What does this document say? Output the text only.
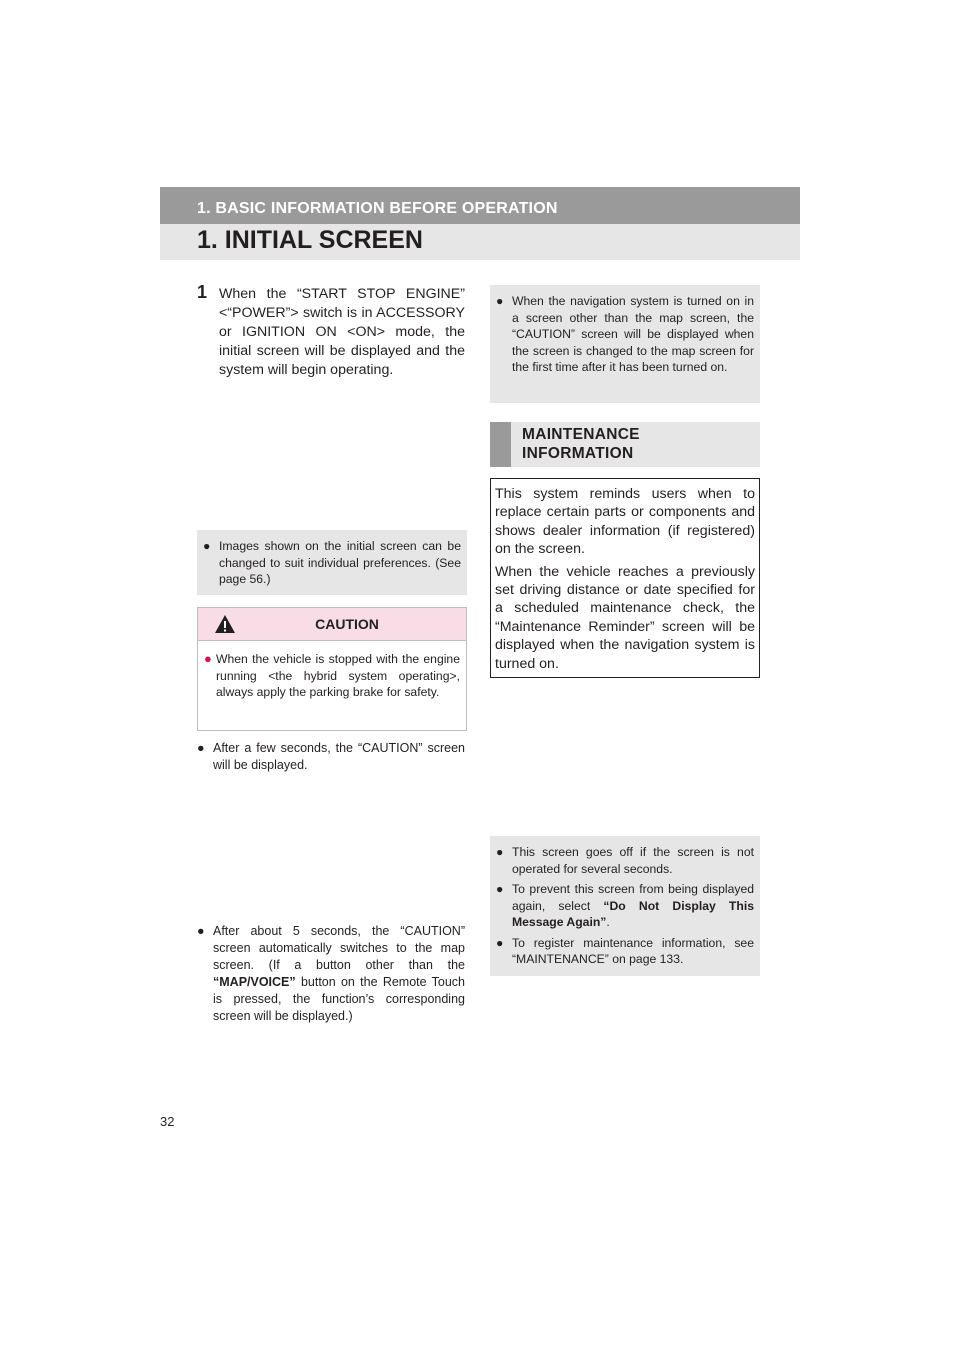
1. BASIC INFORMATION BEFORE OPERATION
1. INITIAL SCREEN
1 When the “START STOP ENGINE” <“POWER”> switch is in ACCESSORY or IGNITION ON <ON> mode, the initial screen will be displayed and the system will begin operating.
● Images shown on the initial screen can be changed to suit individual preferences. (See page 56.)
CAUTION
● When the vehicle is stopped with the engine running <the hybrid system operating>, always apply the parking brake for safety.
● After a few seconds, the “CAUTION” screen will be displayed.
● After about 5 seconds, the “CAUTION” screen automatically switches to the map screen. (If a button other than the “MAP/VOICE” button on the Remote Touch is pressed, the function’s corresponding screen will be displayed.)
● When the navigation system is turned on in a screen other than the map screen, the “CAUTION” screen will be displayed when the screen is changed to the map screen for the first time after it has been turned on.
MAINTENANCE
INFORMATION

This system reminds users when to replace certain parts or components and shows dealer information (if registered) on the screen.

When the vehicle reaches a previously set driving distance or date specified for a scheduled maintenance check, the “Maintenance Reminder” screen will be displayed when the navigation system is turned on.

● This screen goes off if the screen is not operated for several seconds.
● To prevent this screen from being displayed again, select “Do Not Display This Message Again”.
● To register maintenance information, see “MAINTENANCE” on page 133.
32
